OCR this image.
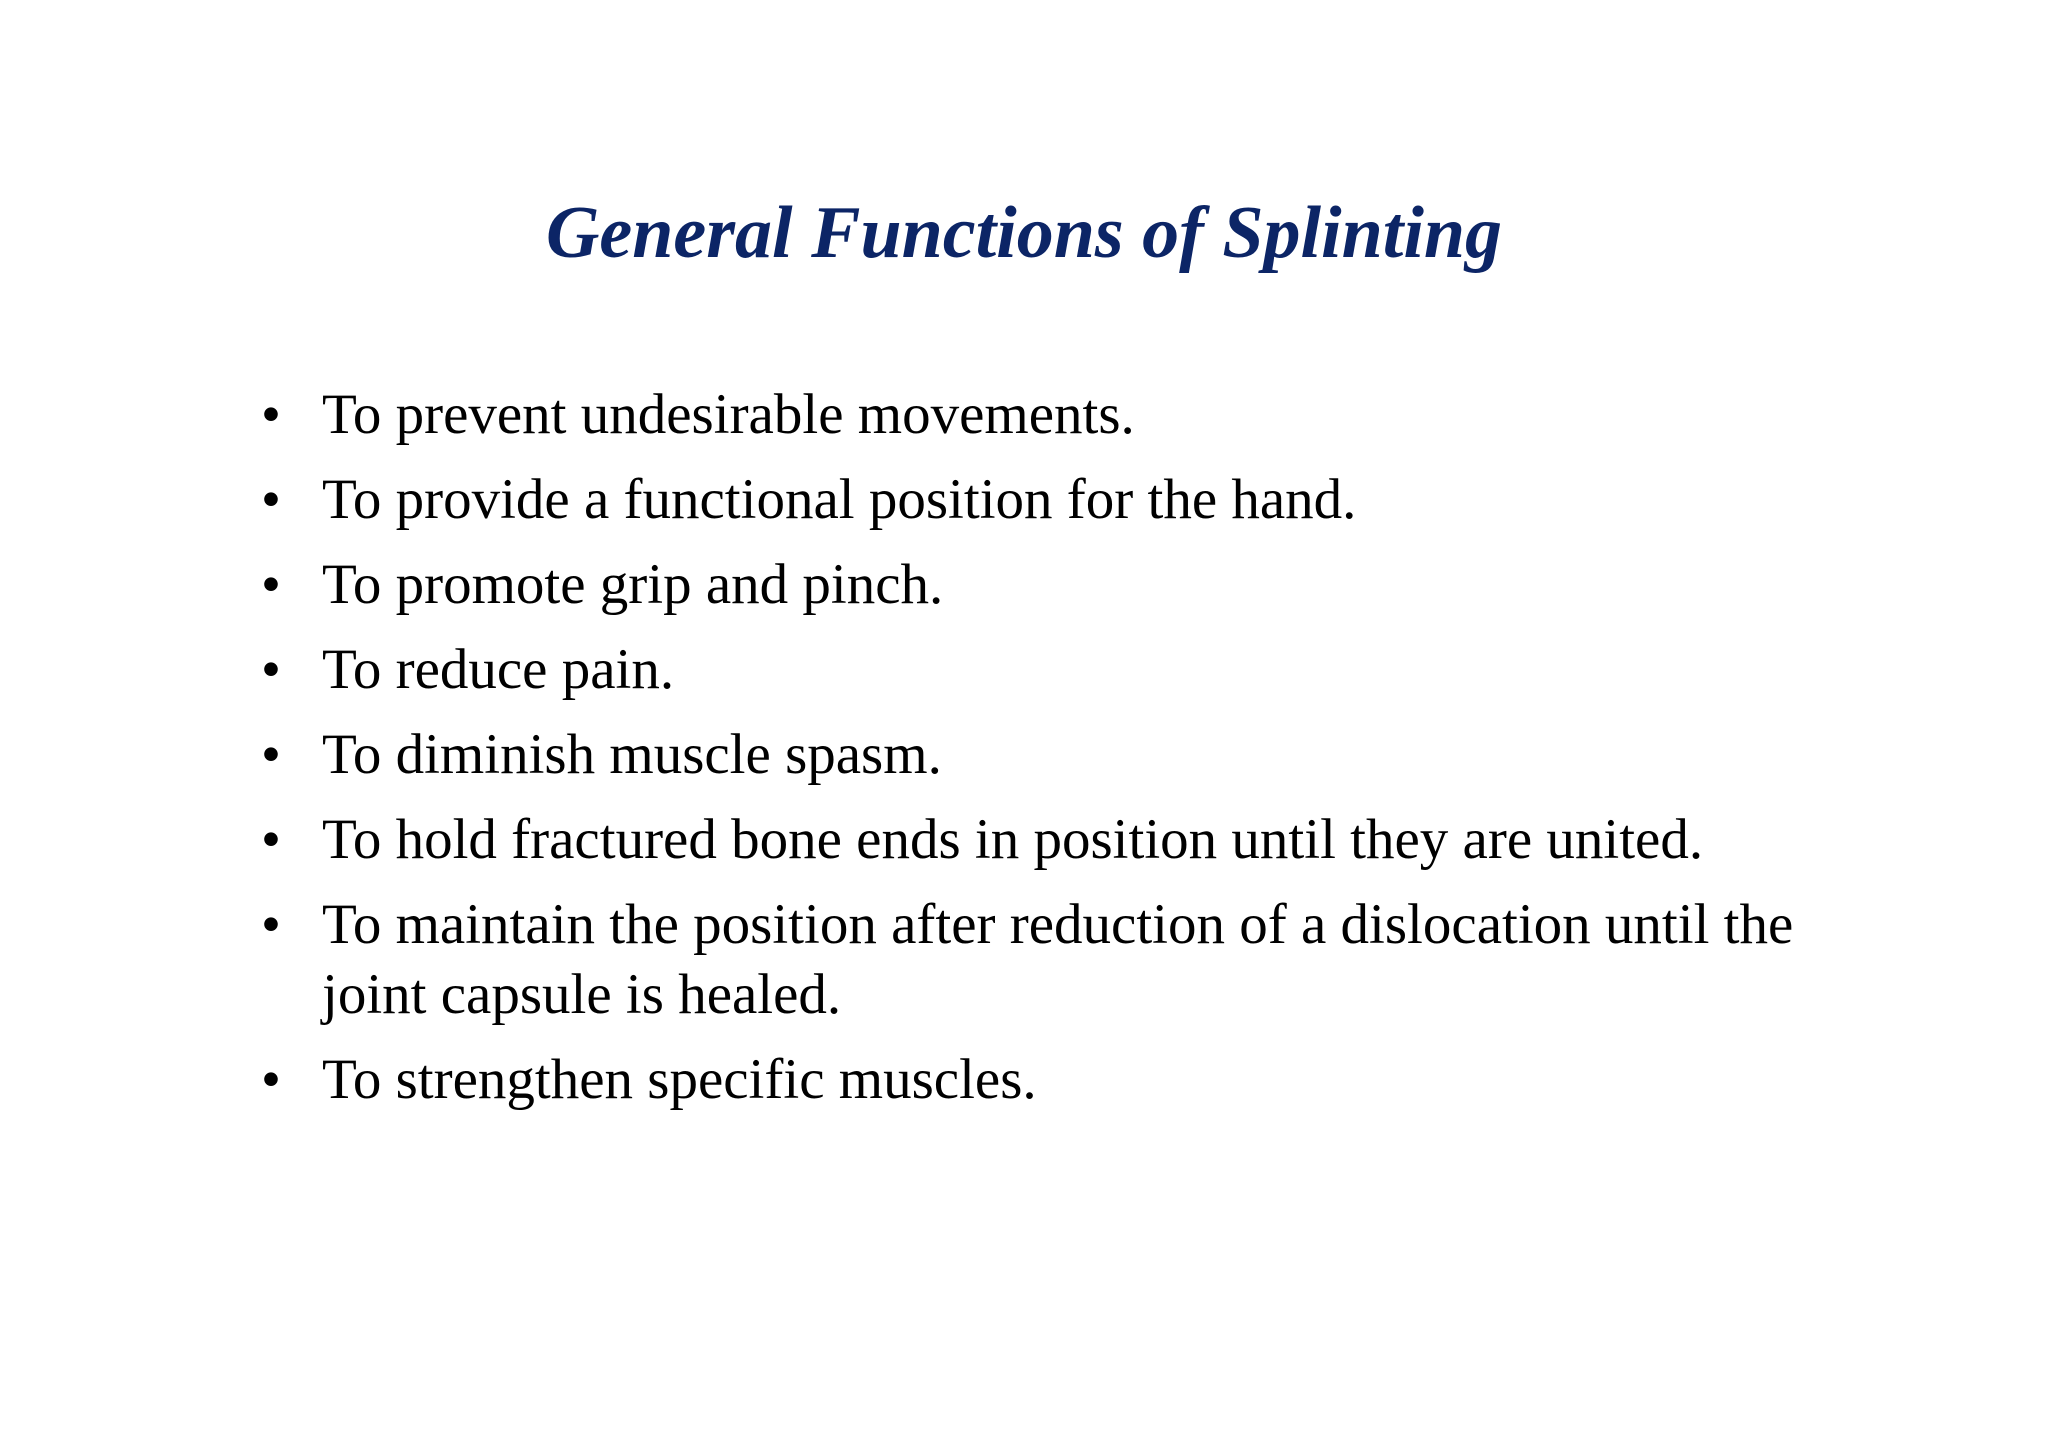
General Functions of Splinting
• To prevent undesirable movements.
• To provide a functional position for the hand.
• To promote grip and pinch.
• To reduce pain.
• To diminish muscle spasm.
• To hold fractured bone ends in position until they are united.
• To maintain the position after reduction of a dislocation until the joint capsule is healed.
• To strengthen specific muscles.
